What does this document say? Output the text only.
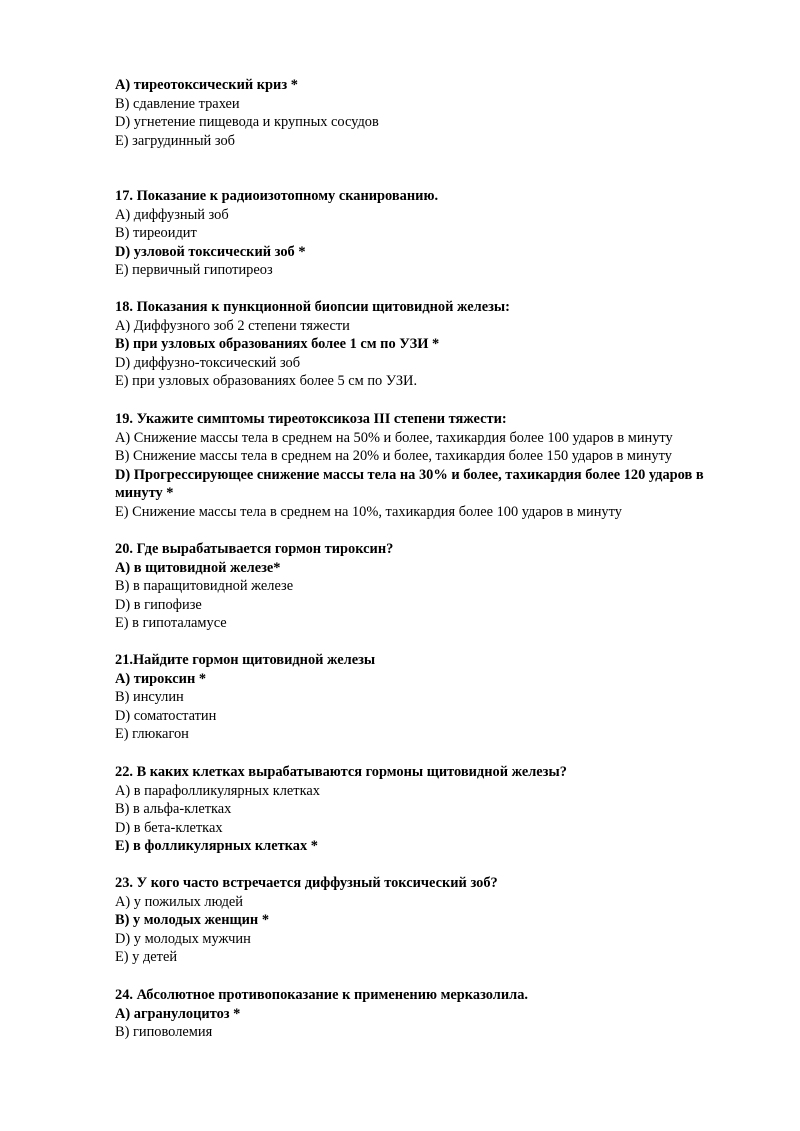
A) тиреотоксический криз *
B) сдавление трахеи
D) угнетение пищевода и крупных сосудов
E) загрудинный зоб
17. Показание к радиоизотопному сканированию.
A) диффузный зоб
B) тиреоидит
D) узловой токсический зоб *
E) первичный гипотиреоз
18. Показания к пункционной биопсии щитовидной железы:
A) Диффузного зоб 2 степени тяжести
B) при узловых образованиях более 1 см по УЗИ *
D) диффузно-токсический зоб
E) при узловых образованиях более 5 см по УЗИ.
19. Укажите симптомы тиреотоксикоза III степени тяжести:
A) Снижение массы тела в среднем на 50% и более, тахикардия более 100 ударов в минуту
B) Снижение массы тела в среднем на 20% и более, тахикардия более 150 ударов в минуту
D) Прогрессирующее снижение массы тела на 30% и более, тахикардия более 120 ударов в минуту *
E) Снижение массы тела в среднем на 10%, тахикардия более 100 ударов в минуту
20. Где вырабатывается гормон тироксин?
A) в щитовидной железе*
B) в паращитовидной железе
D) в гипофизе
E) в гипоталамусе
21.Найдите гормон щитовидной железы
A) тироксин *
B) инсулин
D) соматостатин
E) глюкагон
22. В каких клетках вырабатываются гормоны щитовидной железы?
A) в парафолликулярных клетках
B) в альфа-клетках
D) в бета-клетках
E) в фолликулярных клетках *
23. У кого часто встречается диффузный токсический зоб?
A) у пожилых людей
B) у молодых женщин *
D) у молодых мужчин
E) у детей
24. Абсолютное противопоказание к применению мерказолила.
A) агранулоцитоз *
B) гиповолемия
